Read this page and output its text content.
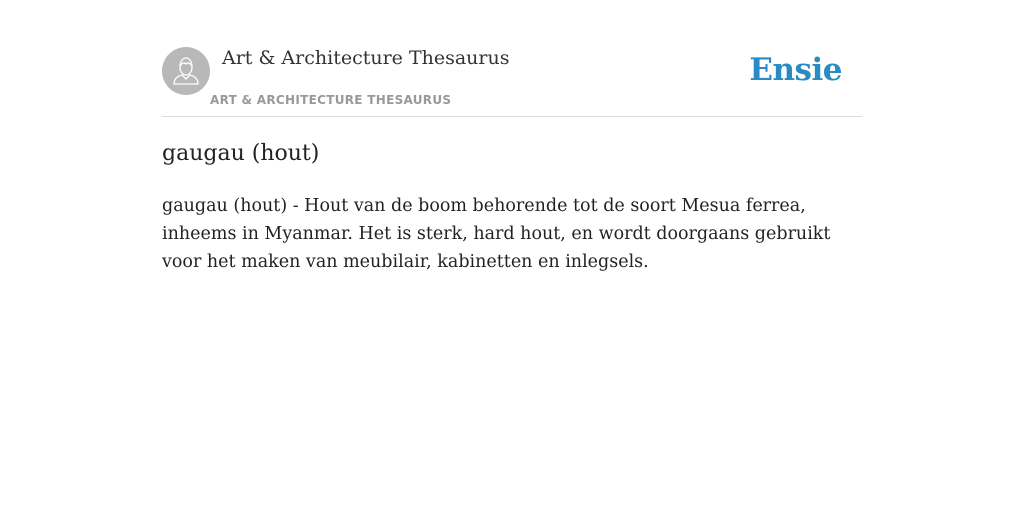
Art & Architecture Thesaurus
ART & ARCHITECTURE THESAURUS
Ensie
gaugau (hout)

gaugau (hout) - Hout van de boom behorende tot de soort Mesua ferrea, inheems in Myanmar. Het is sterk, hard hout, en wordt doorgaans gebruikt voor het maken van meubilair, kabinetten en inlegsels.
